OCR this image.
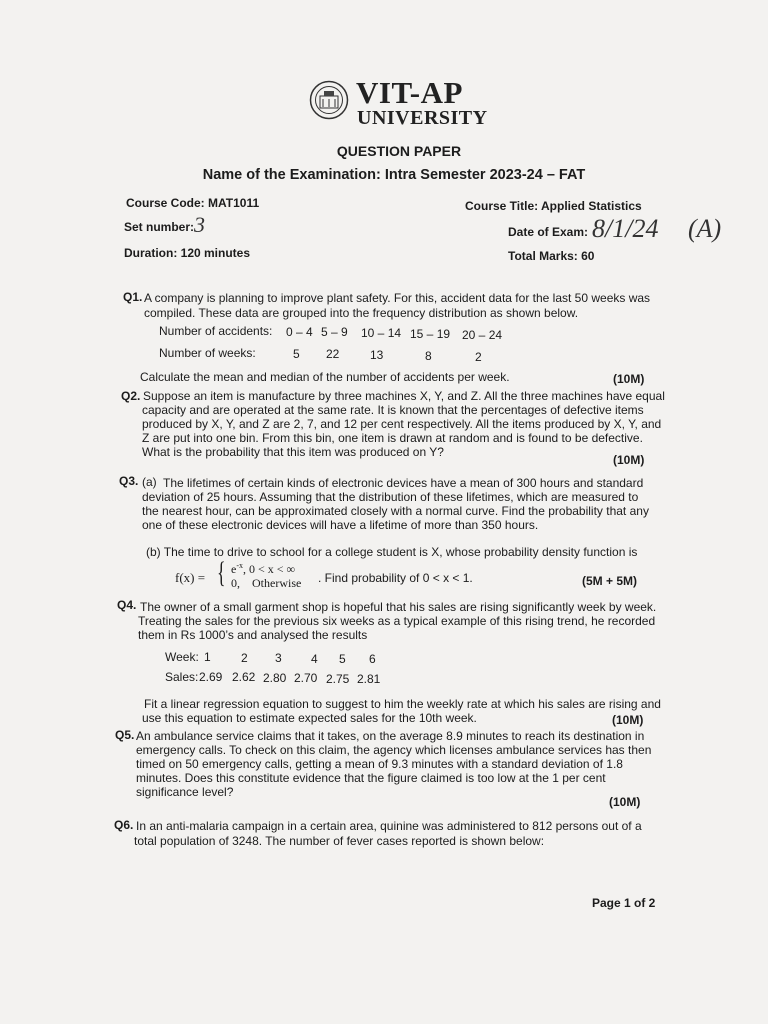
VIT-AP
UNIVERSITY
QUESTION PAPER
Name of the Examination: Intra Semester 2023-24 – FAT
Course Code: MAT1011
Set number: 3
Duration: 120 minutes
Course Title: Applied Statistics
Date of Exam: 8/1/24 (A)
Total Marks: 60
Q1. A company is planning to improve plant safety. For this, accident data for the last 50 weeks was
compiled. These data are grouped into the frequency distribution as shown below.
Number of accidents: 0 – 4 5 – 9 10 – 14 15 – 19 20 – 24
Number of weeks:	5 22	13	8	2
Calculate the mean and median of the number of accidents per week.	(10M)
Q2. Suppose an item is manufacture by three machines X, Y, and Z. All the three machines have equal
capacity and are operated at the same rate. It is known that the percentages of defective items
produced by X, Y, and Z are 2, 7, and 12 per cent respectively. All the items produced by X, Y, and
Z are put into one bin. From this bin, one item is drawn at random and is found to be defective.
What is the probability that this item was produced on Y?
(10M)
Q3. (a) The lifetimes of certain kinds of electronic devices have a mean of 300 hours and standard
deviation of 25 hours. Assuming that the distribution of these lifetimes, which are measured to
the nearest hour, can be approximated closely with a normal curve. Find the probability that any
one of these electronic devices will have a lifetime of more than 350 hours.
(b) The time to drive to school for a college student is X, whose probability density function is
f(x) = { $e^{-x}$, 0 < x < ∞
0, Otherwise . Find probability of 0 < x < 1.	(5M + 5M)
Q4. The owner of a small garment shop is hopeful that his sales are rising significantly week by week.
Treating the sales for the previous six weeks as a typical example of this rising trend, he recorded
them in Rs 1000’s and analysed the results
Week: 1	2 3 4 5 6
Sales: 2.69 2.62 2.80 2.70 2.75 2.81
Fit a linear regression equation to suggest to him the weekly rate at which his sales are rising and
use this equation to estimate expected sales for the 10th week.	(10M)
Q5. An ambulance service claims that it takes, on the average 8.9 minutes to reach its destination in
emergency calls. To check on this claim, the agency which licenses ambulance services has then
timed on 50 emergency calls, getting a mean of 9.3 minutes with a standard deviation of 1.8
minutes. Does this constitute evidence that the figure claimed is too low at the 1 per cent
significance level?
(10M)
Q6. In an anti-malaria campaign in a certain area, quinine was administered to 812 persons out of a
total population of 3248. The number of fever cases reported is shown below:
Page 1 of 2
